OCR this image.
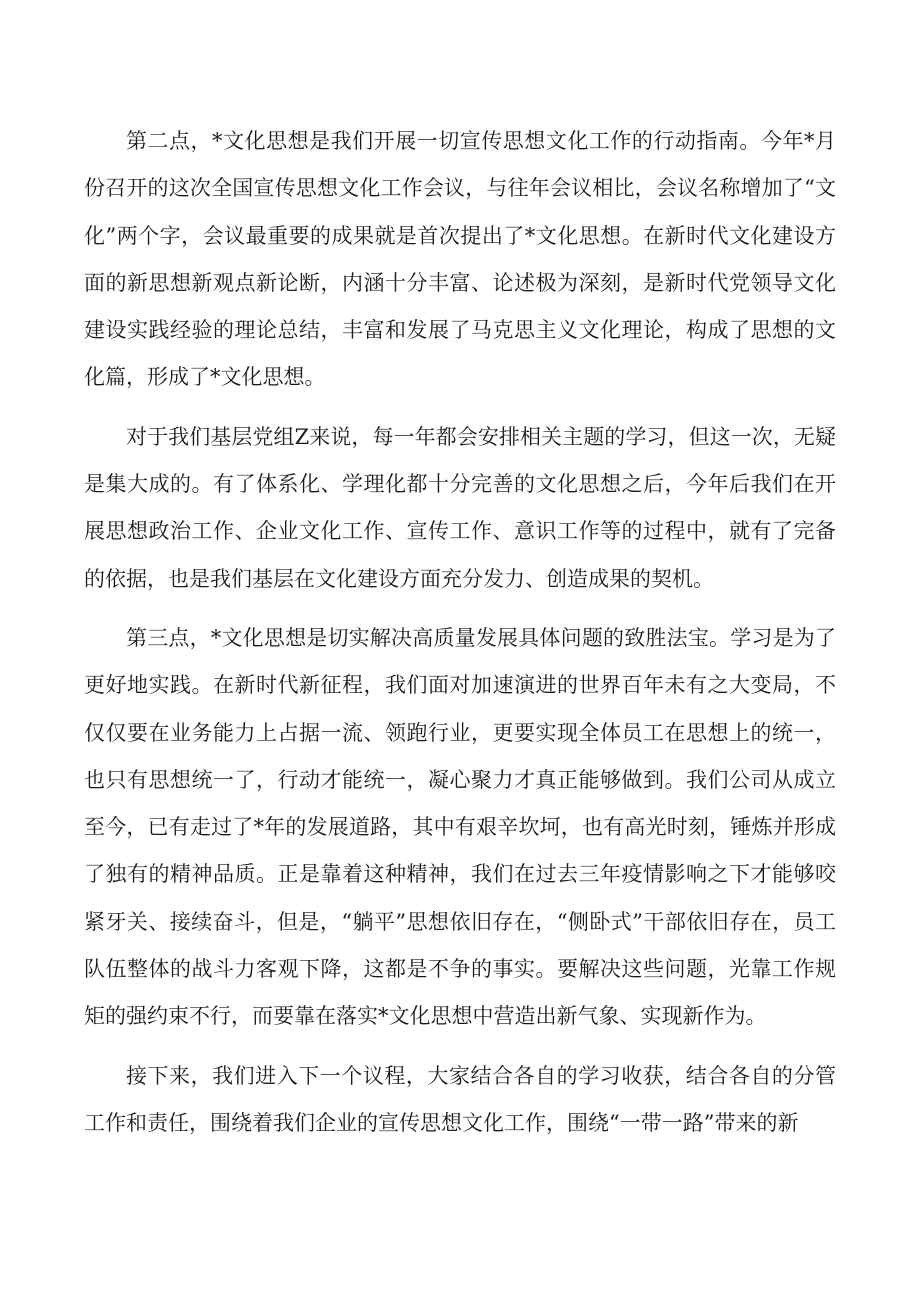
第二点，*文化思想是我们开展一切宣传思想文化工作的行动指南。今年*月份召开的这次全国宣传思想文化工作会议，与往年会议相比，会议名称增加了“文化”两个字，会议最重要的成果就是首次提出了*文化思想。在新时代文化建设方面的新思想新观点新论断，内涵十分丰富、论述极为深刻，是新时代党领导文化建设实践经验的理论总结，丰富和发展了马克思主义文化理论，构成了思想的文化篇，形成了*文化思想。

对于我们基层党组Z来说，每一年都会安排相关主题的学习，但这一次，无疑是集大成的。有了体系化、学理化都十分完善的文化思想之后，今年后我们在开展思想政治工作、企业文化工作、宣传工作、意识工作等的过程中，就有了完备的依据，也是我们基层在文化建设方面充分发力、创造成果的契机。

第三点，*文化思想是切实解决高质量发展具体问题的致胜法宝。学习是为了更好地实践。在新时代新征程，我们面对加速演进的世界百年未有之大变局，不仅仅要在业务能力上占据一流、领跑行业，更要实现全体员工在思想上的统一，也只有思想统一了，行动才能统一，凝心聚力才真正能够做到。我们公司从成立至今，已有走过了*年的发展道路，其中有艰辛坎坷，也有高光时刻，锤炼并形成了独有的精神品质。正是靠着这种精神，我们在过去三年疫情影响之下才能够咬紧牙关、接续奋斗，但是，“躺平”思想依旧存在，“侧卧式”干部依旧存在，员工队伍整体的战斗力客观下降，这都是不争的事实。要解决这些问题，光靠工作规矩的强约束不行，而要靠在落实*文化思想中营造出新气象、实现新作为。

接下来，我们进入下一个议程，大家结合各自的学习收获，结合各自的分管工作和责任，围绕着我们企业的宣传思想文化工作，围绕“一带一路”带来的新
